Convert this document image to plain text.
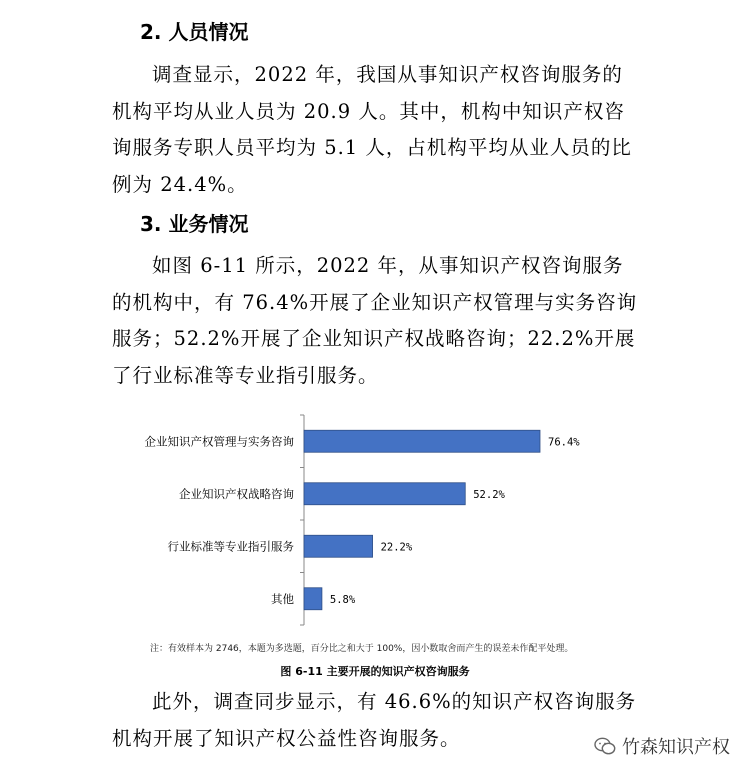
2. 人员情况
调查显示，2022 年，我国从事知识产权咨询服务的机构平均从业人员为 20.9 人。其中，机构中知识产权咨询服务专职人员平均为 5.1 人，占机构平均从业人员的比例为 24.4%。
3. 业务情况
如图 6-11 所示，2022 年，从事知识产权咨询服务的机构中，有 76.4%开展了企业知识产权管理与实务咨询服务；52.2%开展了企业知识产权战略咨询；22.2%开展了行业标准等专业指引服务。
企业知识产权管理与实务咨询	76.4%
企业知识产权战略咨询	52.2%
行业标准等专业指引服务	22.2%
其他	5.8%
注：有效样本为 2746，本题为多选题，百分比之和大于 100%，因小数取舍而产生的误差未作配平处理。
图 6-11 主要开展的知识产权咨询服务
此外，调查同步显示，有 46.6%的知识产权咨询服务机构开展了知识产权公益性咨询服务。	竹森知识产权
